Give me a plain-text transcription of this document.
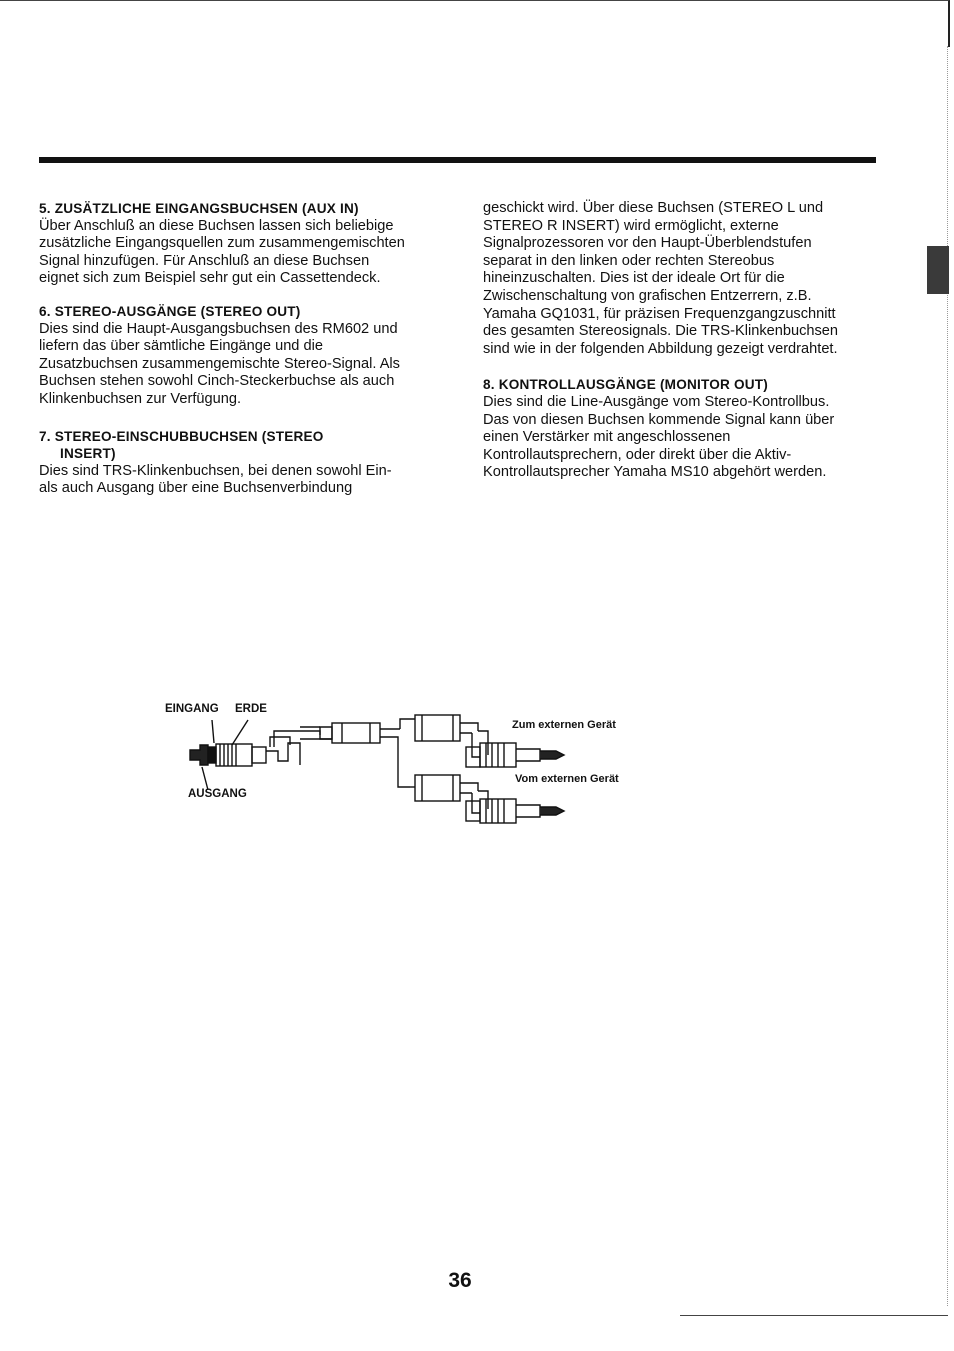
5. ZUSÄTZLICHE EINGANGSBUCHSEN (AUX IN)

Über Anschluß an diese Buchsen lassen sich beliebige
zusätzliche Eingangsquellen zum zusammengemischten
Signal hinzufügen. Für Anschluß an diese Buchsen
eignet sich zum Beispiel sehr gut ein Cassettendeck.

6. STEREO-AUSGÄNGE (STEREO OUT)

Dies sind die Haupt-Ausgangsbuchsen des RM602 und
liefern das über sämtliche Eingänge und die
Zusatzbuchsen zusammengemischte Stereo-Signal. Als
Buchsen stehen sowohl Cinch-Steckerbuchse als auch
Klinkenbuchsen zur Verfügung.

7. STEREO-EINSCHUBBUCHSEN (STEREO
INSERT)

Dies sind TRS-Klinkenbuchsen, bei denen sowohl Ein-
als auch Ausgang über eine Buchsenverbindung

geschickt wird. Über diese Buchsen (STEREO L und
STEREO R INSERT) wird ermöglicht, externe
Signalprozessoren vor den Haupt-Überblendstufen
separat in den linken oder rechten Stereobus
hineinzuschalten. Dies ist der ideale Ort für die
Zwischenschaltung von grafischen Entzerrern, z.B.
Yamaha GQ1031, für präzisen Frequenzgangzuschnitt
des gesamten Stereosignals. Die TRS-Klinkenbuchsen
sind wie in der folgenden Abbildung gezeigt verdrahtet.

8. KONTROLLAUSGÄNGE (MONITOR OUT)

Dies sind die Line-Ausgänge vom Stereo-Kontrollbus.
Das von diesen Buchsen kommende Signal kann über
einen Verstärker mit angeschlossenen
Kontrollautsprechern, oder direkt über die Aktiv-
Kontrollautsprecher Yamaha MS10 abgehört werden.

EINGANG ERDE
AUSGANG
Zum externen Gerät
Vom externen Gerät
36
